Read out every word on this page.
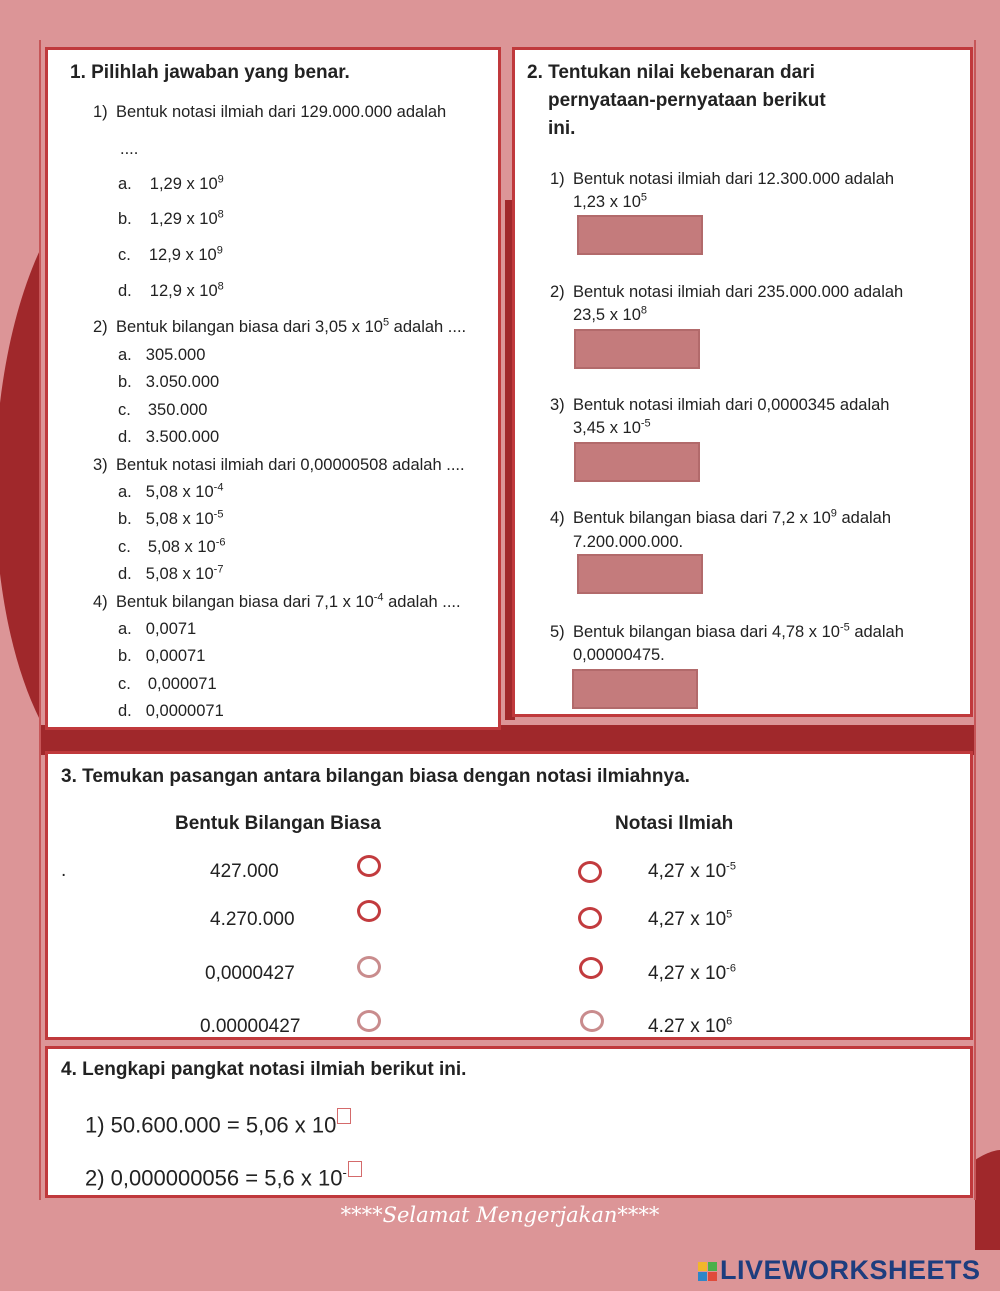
1. Pilihlah jawaban yang benar.
1) Bentuk notasi ilmiah dari 129.000.000 adalah
....
a. 1,29 x $10^9$
b. 1,29 x $10^8$
c. 12,9 x $10^9$
d. 12,9 x $10^8$
2) Bentuk bilangan biasa dari 3,05 x $10^5$ adalah ....
a. 305.000
b. 3.050.000
c. 350.000
d. 3.500.000
3) Bentuk notasi ilmiah dari 0,00000508 adalah ....
a. 5,08 x $10^{-4}$
b. 5,08 x $10^{-5}$
c. 5,08 x $10^{-6}$
d. 5,08 x $10^{-7}$
4) Bentuk bilangan biasa dari 7,1 x $10^{-4}$ adalah ....
a. 0,0071
b. 0,00071
c. 0,000071
d. 0,0000071
2. Tentukan nilai kebenaran dari
pernyataan-pernyataan berikut
ini.
1) Bentuk notasi ilmiah dari 12.300.000 adalah
1,23 x $10^5$
2) Bentuk notasi ilmiah dari 235.000.000 adalah
23,5 x $10^8$
3) Bentuk notasi ilmiah dari 0,0000345 adalah
3,45 x $10^{-5}$
4) Bentuk bilangan biasa dari 7,2 x $10^9$ adalah
7.200.000.000.
5) Bentuk bilangan biasa dari 4,78 x $10^{-5}$ adalah
0,00000475.
3. Temukan pasangan antara bilangan biasa dengan notasi ilmiahnya.
Bentuk Bilangan Biasa	Notasi Ilmiah
.	427.000
4.270.000
0,0000427
0.00000427
4,27 x $10^{-5}$
4,27 x $10^5$
4,27 x $10^{-6}$
4.27 x $10^6$
4. Lengkapi pangkat notasi ilmiah berikut ini.
1) 50.600.000 = 5,06 x 10
2) 0,000000056 = 5,6 x 10-
****Selamat Mengerjakan****
LIVEWORKSHEETS
